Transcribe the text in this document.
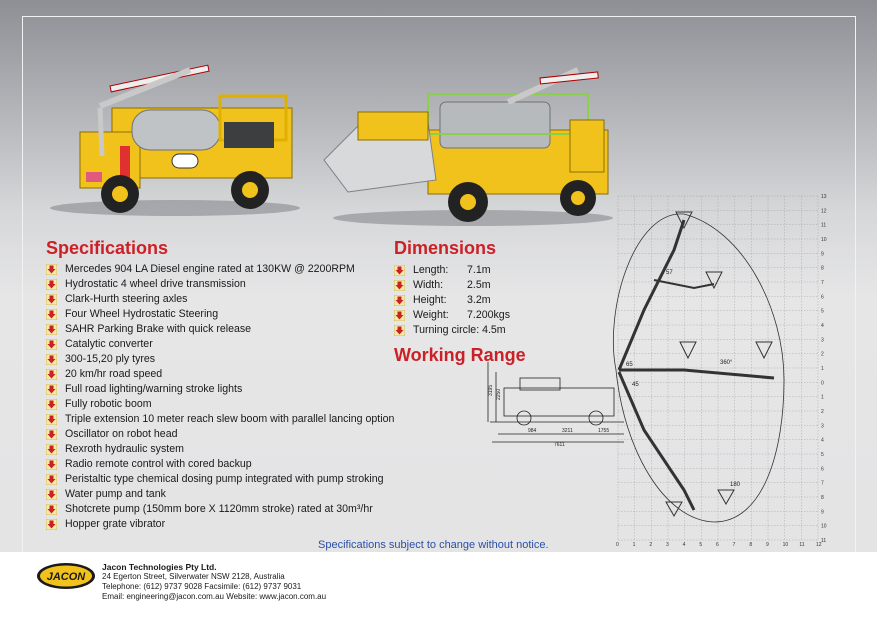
Specifications
Mercedes 904 LA Diesel engine rated at 130KW @ 2200RPM
Hydrostatic 4 wheel drive transmission
Clark-Hurth steering axles
Four Wheel Hydrostatic Steering
SAHR Parking Brake with quick release
Catalytic converter
300-15,20 ply tyres
20 km/hr road speed
Full road lighting/warning stroke lights
Fully robotic boom
Triple extension 10 meter reach slew boom with parallel lancing option
Oscillator on robot head
Rexroth hydraulic system
Radio remote control with cored backup
Peristaltic type chemical dosing pump integrated with pump stroking
Water pump and tank
Shotcrete pump (150mm bore X 1120mm stroke) rated at 30m³/hr
Hopper grate vibrator
Dimensions
Length:	7.1m
Width:	2.5m
Height:	3.2m
Weight:	7.200kgs
Turning circle: 4.5m
Working Range
0	1	2	3	4	5	6	7	8	9	10 11 12
13
12
11
10
9
8
7
6
5
4
3
2
1
0
1
2
3
4
5
6
7
8
9
10
11
57
65
45
360°
180
984	3211	1755
7611
2250
3195
Specifications subject to change without notice.
JACON
Jacon Technologies Pty Ltd.
24 Egerton Street, Silverwater NSW 2128, Australia
Telephone: (612) 9737 9028 Facsimile: (612) 9737 9031
Email: engineering@jacon.com.au Website: www.jacon.com.au
